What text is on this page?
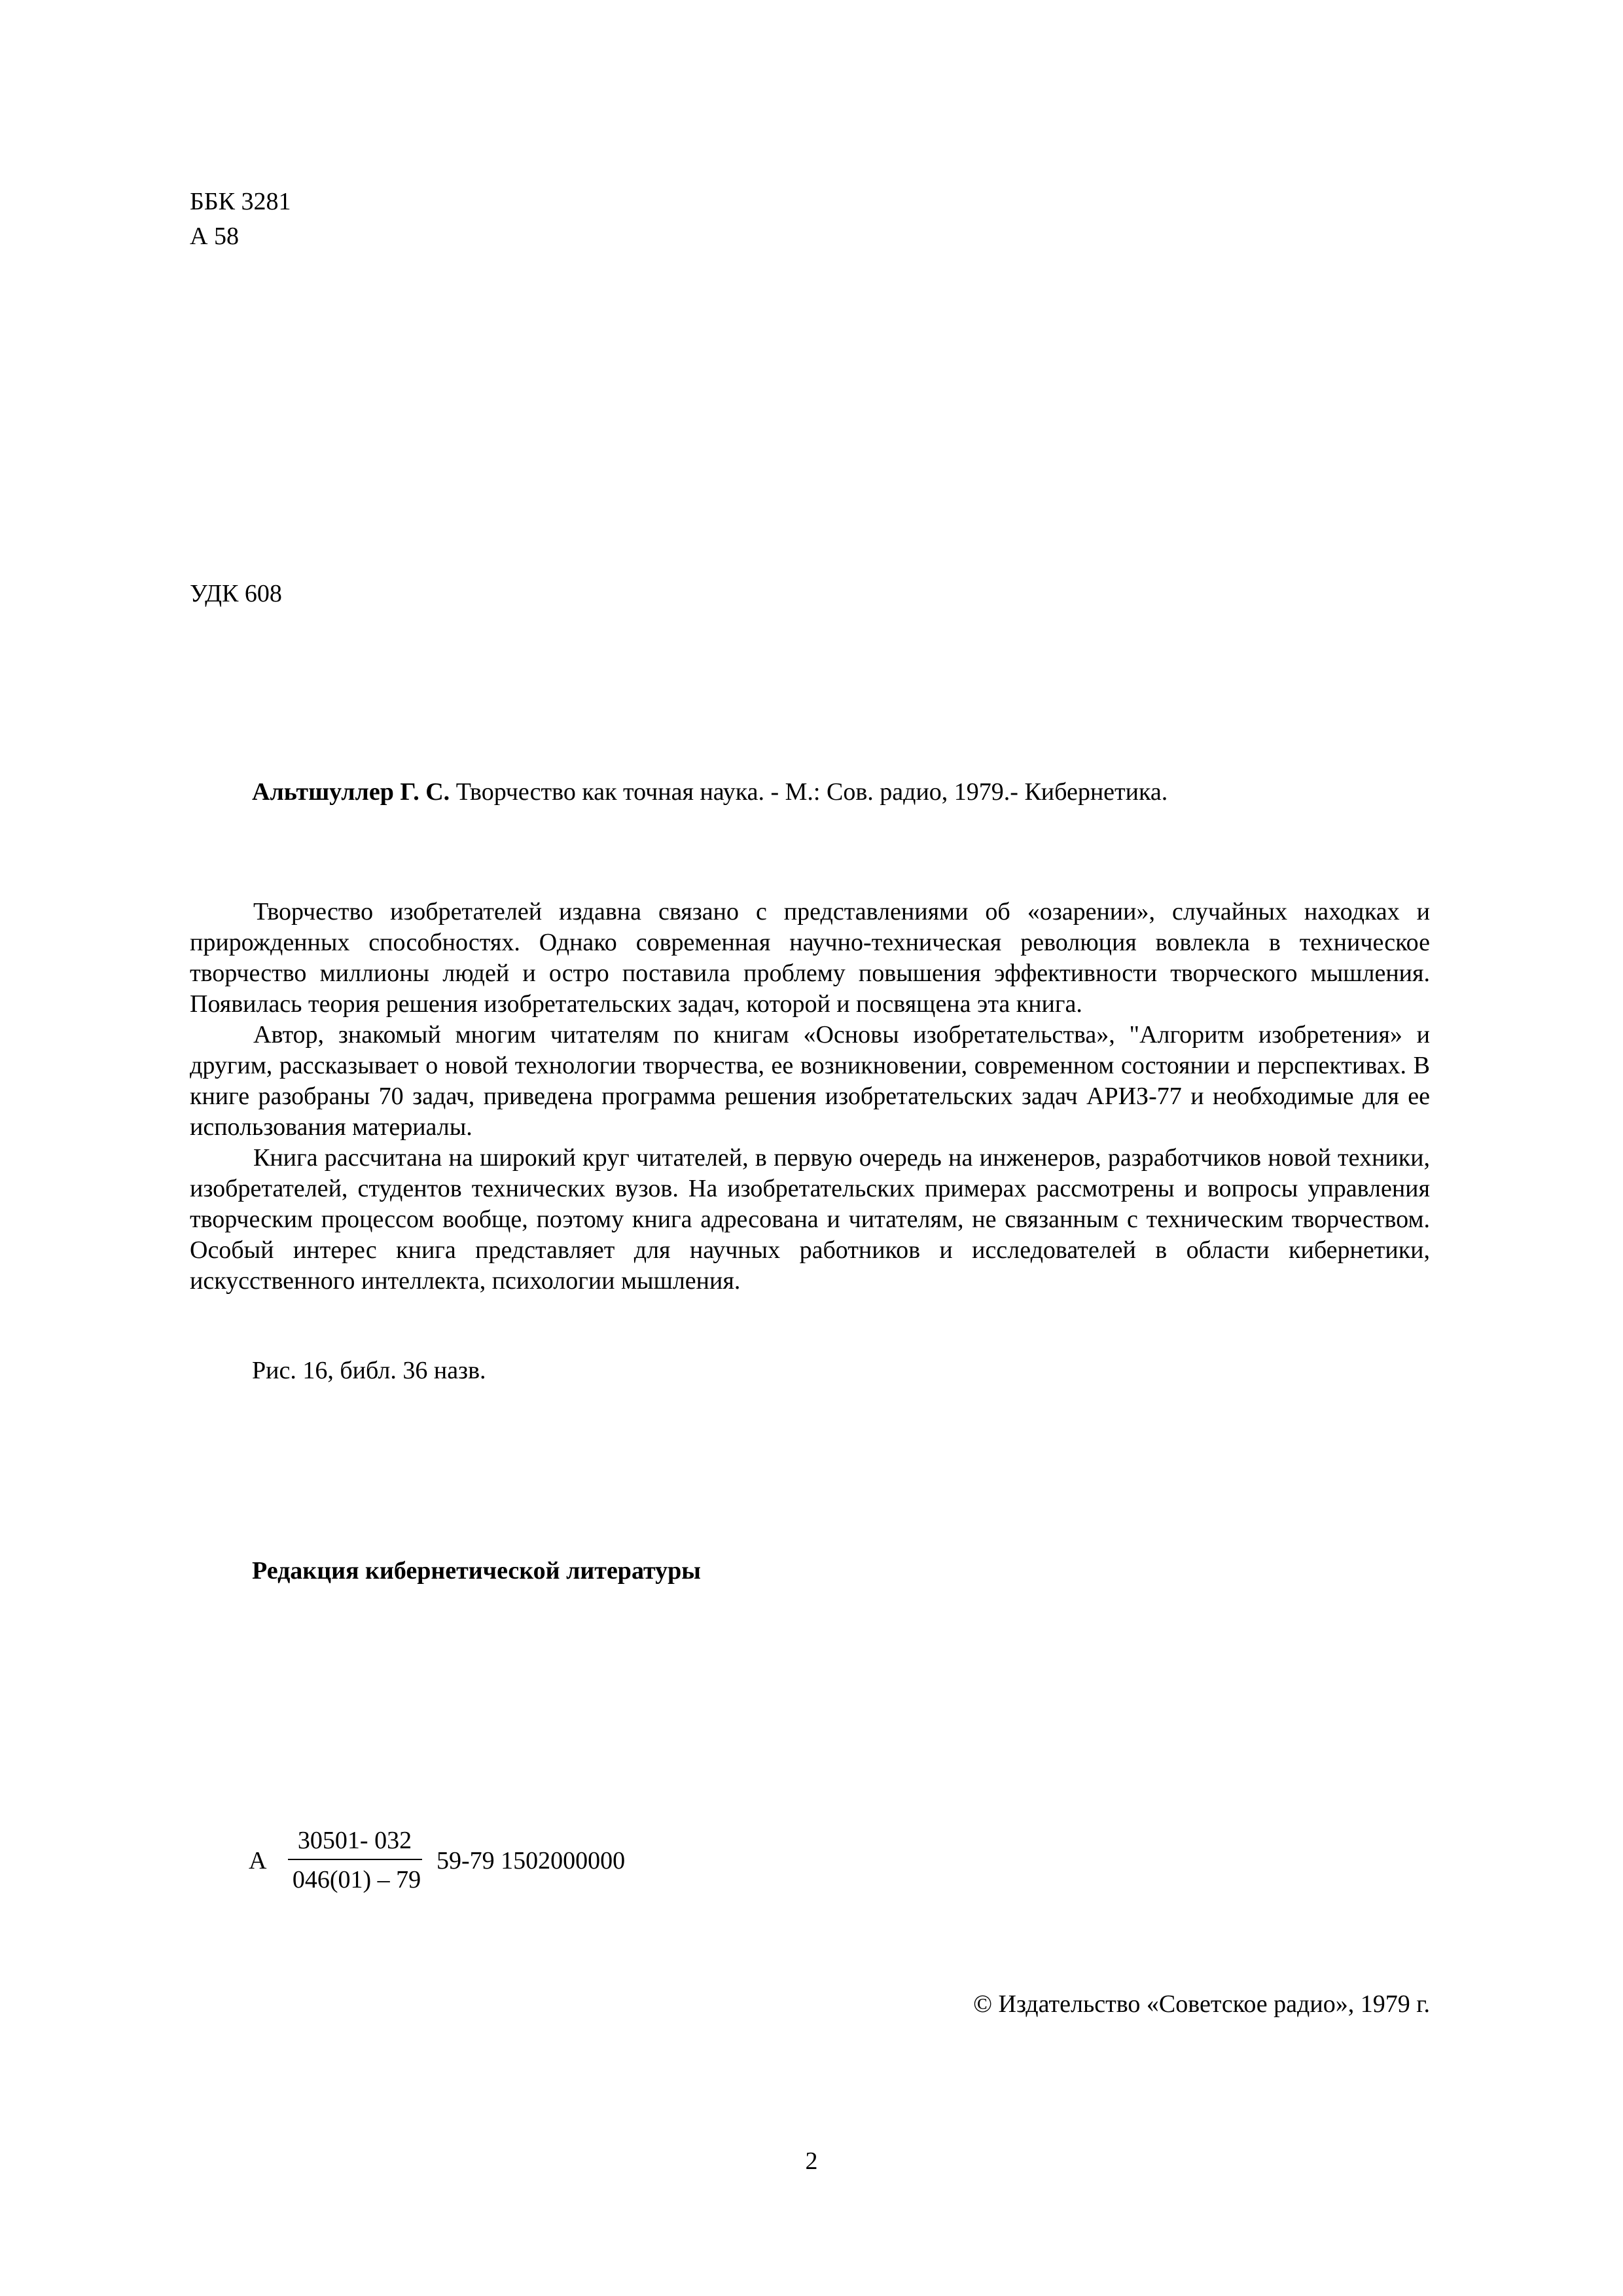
ББК 3281
А 58
УДК 608
Альтшуллер Г. С. Творчество как точная наука. - М.: Сов. радио, 1979.- Кибернетика.

Творчество изобретателей издавна связано с представлениями об «озарении», случайных находках и прирожденных способностях. Однако современная научно-техническая революция вовлекла в техническое творчество миллионы людей и остро поставила проблему повышения эффективности творческого мышления. Появилась теория решения изобретательских задач, которой и посвящена эта книга.

Автор, знакомый многим читателям по книгам «Основы изобретательства», "Алгоритм изобретения» и другим, рассказывает о новой технологии творчества, ее возникновении, современном состоянии и перспективах. В книге разобраны 70 задач, приведена программа решения изобретательских задач АРИЗ-77 и необходимые для ее использования материалы.

Книга рассчитана на широкий круг читателей, в первую очередь на инженеров, разработчиков новой техники, изобретателей, студентов технических вузов. На изобретательских примерах рассмотрены и вопросы управления творческим процессом вообще, поэтому книга адресована и читателям, не связанным с техническим творчеством. Особый интерес книга представляет для научных работников и исследователей в области кибернетики, искусственного интеллекта, психологии мышления.

Рис. 16, библ. 36 назв.
Редакция кибернетической литературы
А
30501- 032
046(01) – 79
59-79 1502000000
© Издательство «Советское радио», 1979 г.
2
